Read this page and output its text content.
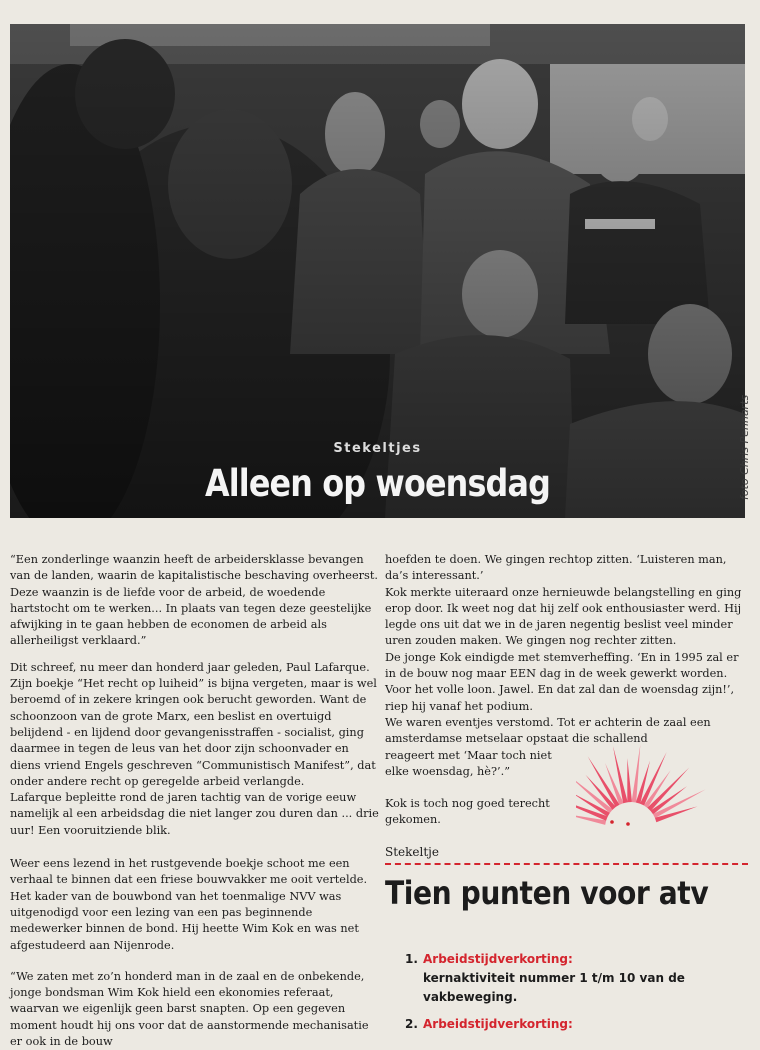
Stekeltjes
Alleen op woensdag	foto Chris Pennarts

“Een zonderlinge waanzin heeft de arbeidersklasse bevangen van de landen, waarin de kapitalistische beschaving overheerst. Deze waanzin is de liefde voor de arbeid, de woedende hartstocht om te werken... In plaats van tegen deze geestelijke afwijking in te gaan hebben de economen de arbeid als allerheiligst verklaard.”

Dit schreef, nu meer dan honderd jaar geleden, Paul Lafarque. Zijn boekje “Het recht op luiheid” is bijna vergeten, maar is wel beroemd of in zekere kringen ook berucht geworden. Want de schoonzoon van de grote Marx, een beslist en overtuigd belijdend - en lijdend door gevangenisstraffen - socialist, ging daarmee in tegen de leus van het door zijn schoonvader en diens vriend Engels geschreven “Communistisch Manifest”, dat onder andere recht op geregelde arbeid verlangde.

Lafarque bepleitte rond de jaren tachtig van de vorige eeuw namelijk al een arbeidsdag die niet langer zou duren dan ... drie uur! Een vooruitziende blik.

Weer eens lezend in het rustgevende boekje schoot me een verhaal te binnen dat een friese bouwvakker me ooit vertelde. Het kader van de bouwbond van het toenmalige NVV was uitgenodigd voor een lezing van een pas beginnende medewerker binnen de bond. Hij heette Wim Kok en was net afgestudeerd aan Nijenrode.

“We zaten met zo’n honderd man in de zaal en de onbekende, jonge bondsman Wim Kok hield een ekonomies referaat, waarvan we eigenlijk geen barst snapten. Op een gegeven moment houdt hij ons voor dat de aanstormende mechanisatie er ook in de bouw

hoefden te doen. We gingen rechtop zitten. ‘Luisteren man, da’s interessant.’

Kok merkte uiteraard onze hernieuwde belangstelling en ging erop door. Ik weet nog dat hij zelf ook enthousiaster werd. Hij legde ons uit dat we in de jaren negentig beslist veel minder uren zouden maken. We gingen nog rechter zitten.

De jonge Kok eindigde met stemverheffing. ‘En in 1995 zal er in de bouw nog maar EEN dag in de week gewerkt worden. Voor het volle loon. Jawel. En dat zal dan de woensdag zijn!’, riep hij vanaf het podium.

We waren eventjes verstomd. Tot er achterin de zaal een amsterdamse metselaar opstaat die schallend

reageert met ‘Maar toch niet

elke woensdag, hè?’.”

Kok is toch nog goed terecht

gekomen.

Stekeltje
Tien punten voor atv
1. Arbeidstijdverkorting:
kernaktiviteit nummer 1 t/m 10 van de vakbeweging.
2. Arbeidstijdverkorting:
